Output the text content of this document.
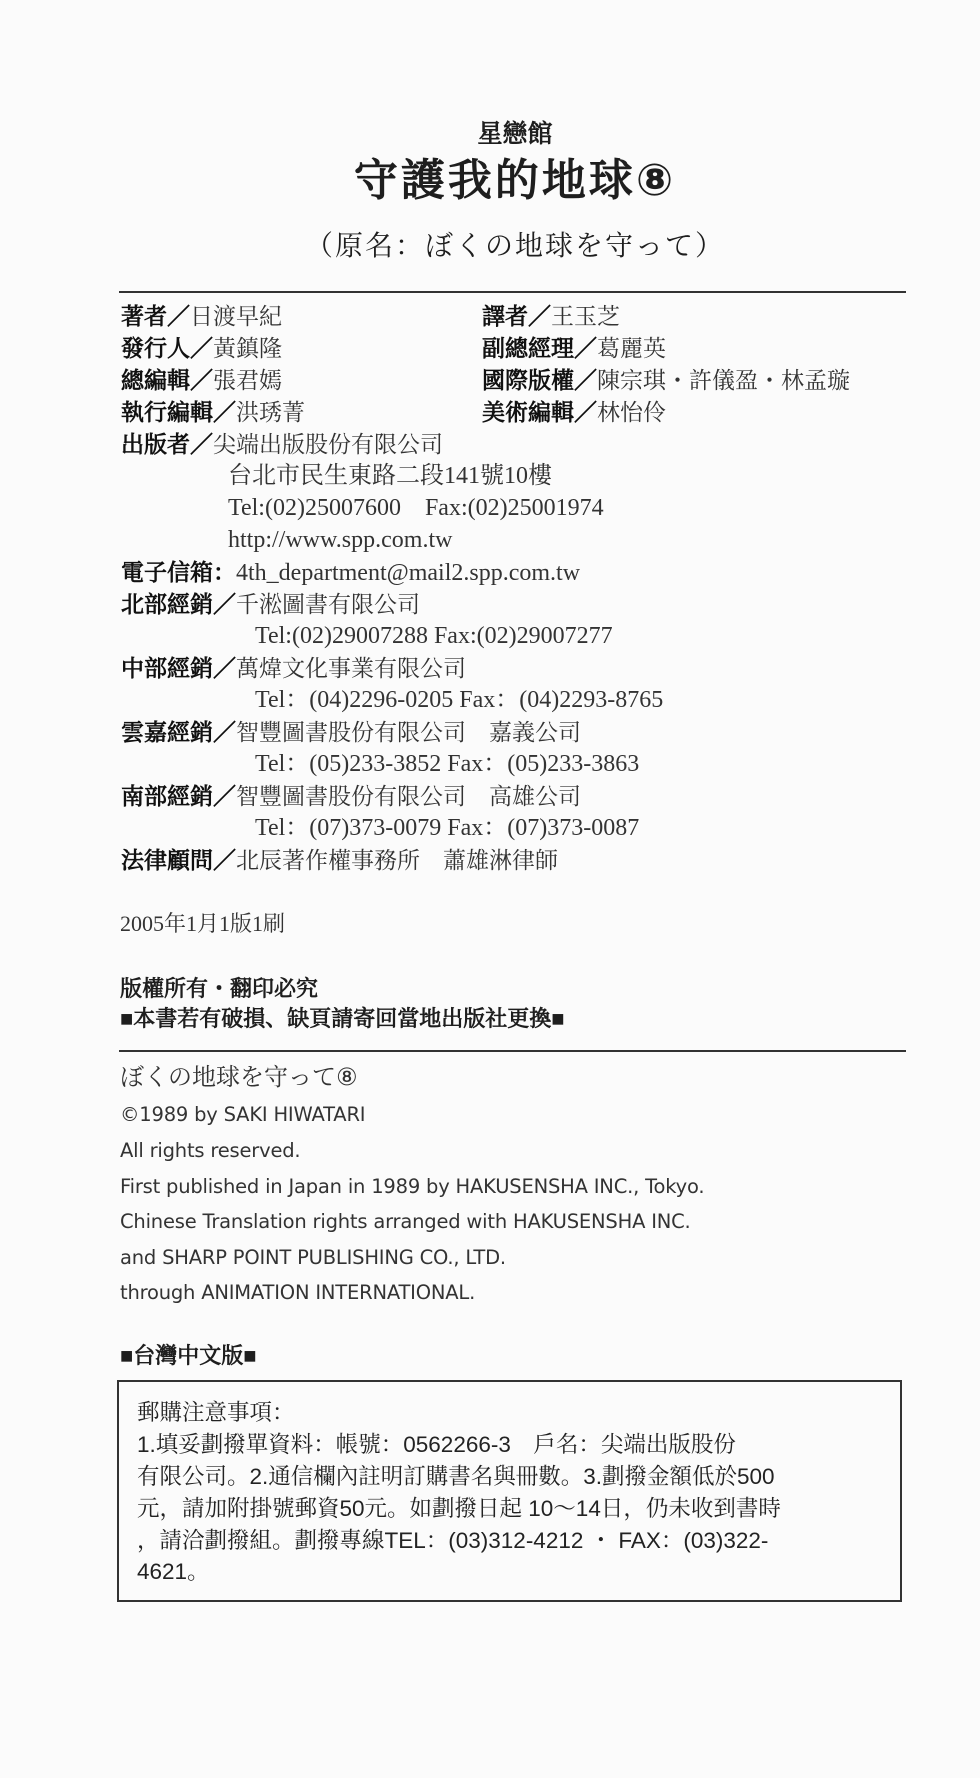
星戀館
守護我的地球⑧
（原名：ぼくの地球を守って）
著者／日渡早紀	譯者／王玉芝
發行人／黃鎮隆	副總經理／葛麗英
總編輯／張君嫣	國際版權／陳宗琪・許儀盈・林孟璇
執行編輯／洪琇菁	美術編輯／林怡伶
出版者／尖端出版股份有限公司
台北市民生東路二段141號10樓
Tel:(02)25007600　Fax:(02)25001974
http://www.spp.com.tw
電子信箱：4th_department@mail2.spp.com.tw
北部經銷／千淞圖書有限公司
Tel:(02)29007288 Fax:(02)29007277
中部經銷／萬煒文化事業有限公司
Tel：(04)2296-0205 Fax：(04)2293-8765
雲嘉經銷／智豐圖書股份有限公司　嘉義公司
Tel：(05)233-3852 Fax：(05)233-3863
南部經銷／智豐圖書股份有限公司　高雄公司
Tel：(07)373-0079 Fax：(07)373-0087
法律顧問／北辰著作權事務所　蕭雄淋律師
2005年1月1版1刷
版權所有・翻印必究
■本書若有破損、缺頁請寄回當地出版社更換■
ぼくの地球を守って⑧
©1989 by SAKI HIWATARI
All rights reserved.
First published in Japan in 1989 by HAKUSENSHA INC., Tokyo.
Chinese Translation rights arranged with HAKUSENSHA INC.
and SHARP POINT PUBLISHING CO., LTD.
through ANIMATION INTERNATIONAL.
■台灣中文版■
郵購注意事項：
1.填妥劃撥單資料：帳號：0562266-3　戶名：尖端出版股份
有限公司。2.通信欄內註明訂購書名與冊數。3.劃撥金額低於500
元，請加附掛號郵資50元。如劃撥日起 10～14日，仍未收到書時
，請洽劃撥組。劃撥專線TEL：(03)312-4212 ・ FAX：(03)322-
4621。
